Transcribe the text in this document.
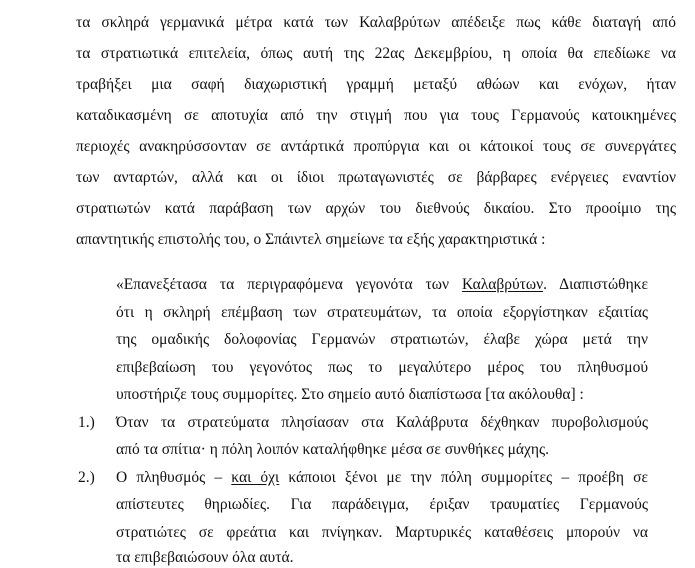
τα σκληρά γερμανικά μέτρα κατά των Καλαβρύτων απέδειξε πως κάθε διαταγή από
τα στρατιωτικά επιτελεία, όπως αυτή της 22ας Δεκεμβρίου, η οποία θα επεδίωκε να
τραβήξει μια σαφή διαχωριστική γραμμή μεταξύ αθώων και ενόχων, ήταν
καταδικασμένη σε αποτυχία από την στιγμή που για τους Γερμανούς κατοικημένες
περιοχές ανακηρύσσονταν σε αντάρτικά προπύργια και οι κάτοικοί τους σε συνεργάτες
των ανταρτών, αλλά και οι ίδιοι πρωταγωνιστές σε βάρβαρες ενέργειες εναντίον
στρατιωτών κατά παράβαση των αρχών του διεθνούς δικαίου. Στο προοίμιο της
απαντητικής επιστολής του, ο Σπάιντελ σημείωνε τα εξής χαρακτηριστικά :
«Επανεξέτασα τα περιγραφόμενα γεγονότα των Καλαβρύτων. Διαπιστώθηκε
ότι η σκληρή επέμβαση των στρατευμάτων, τα οποία εξοργίστηκαν εξαιτίας
της ομαδικής δολοφονίας Γερμανών στρατιωτών, έλαβε χώρα μετά την
επιβεβαίωση του γεγονότος πως το μεγαλύτερο μέρος του πληθυσμού
υποστήριζε τους συμμορίτες. Στο σημείο αυτό διαπίστωσα [τα ακόλουθα] :
1.) Όταν τα στρατεύματα πλησίασαν στα Καλάβρυτα δέχθηκαν πυροβολισμούς
από τα σπίτια· η πόλη λοιπόν καταλήφθηκε μέσα σε συνθήκες μάχης.
2.) Ο πληθυσμός – και όχι κάποιοι ξένοι με την πόλη συμμορίτες – προέβη σε
απίστευτες θηριωδίες. Για παράδειγμα, έριξαν τραυματίες Γερμανούς
στρατιώτες σε φρεάτια και πνίγηκαν. Μαρτυρικές καταθέσεις μπορούν να
τα επιβεβαιώσουν όλα αυτά.
